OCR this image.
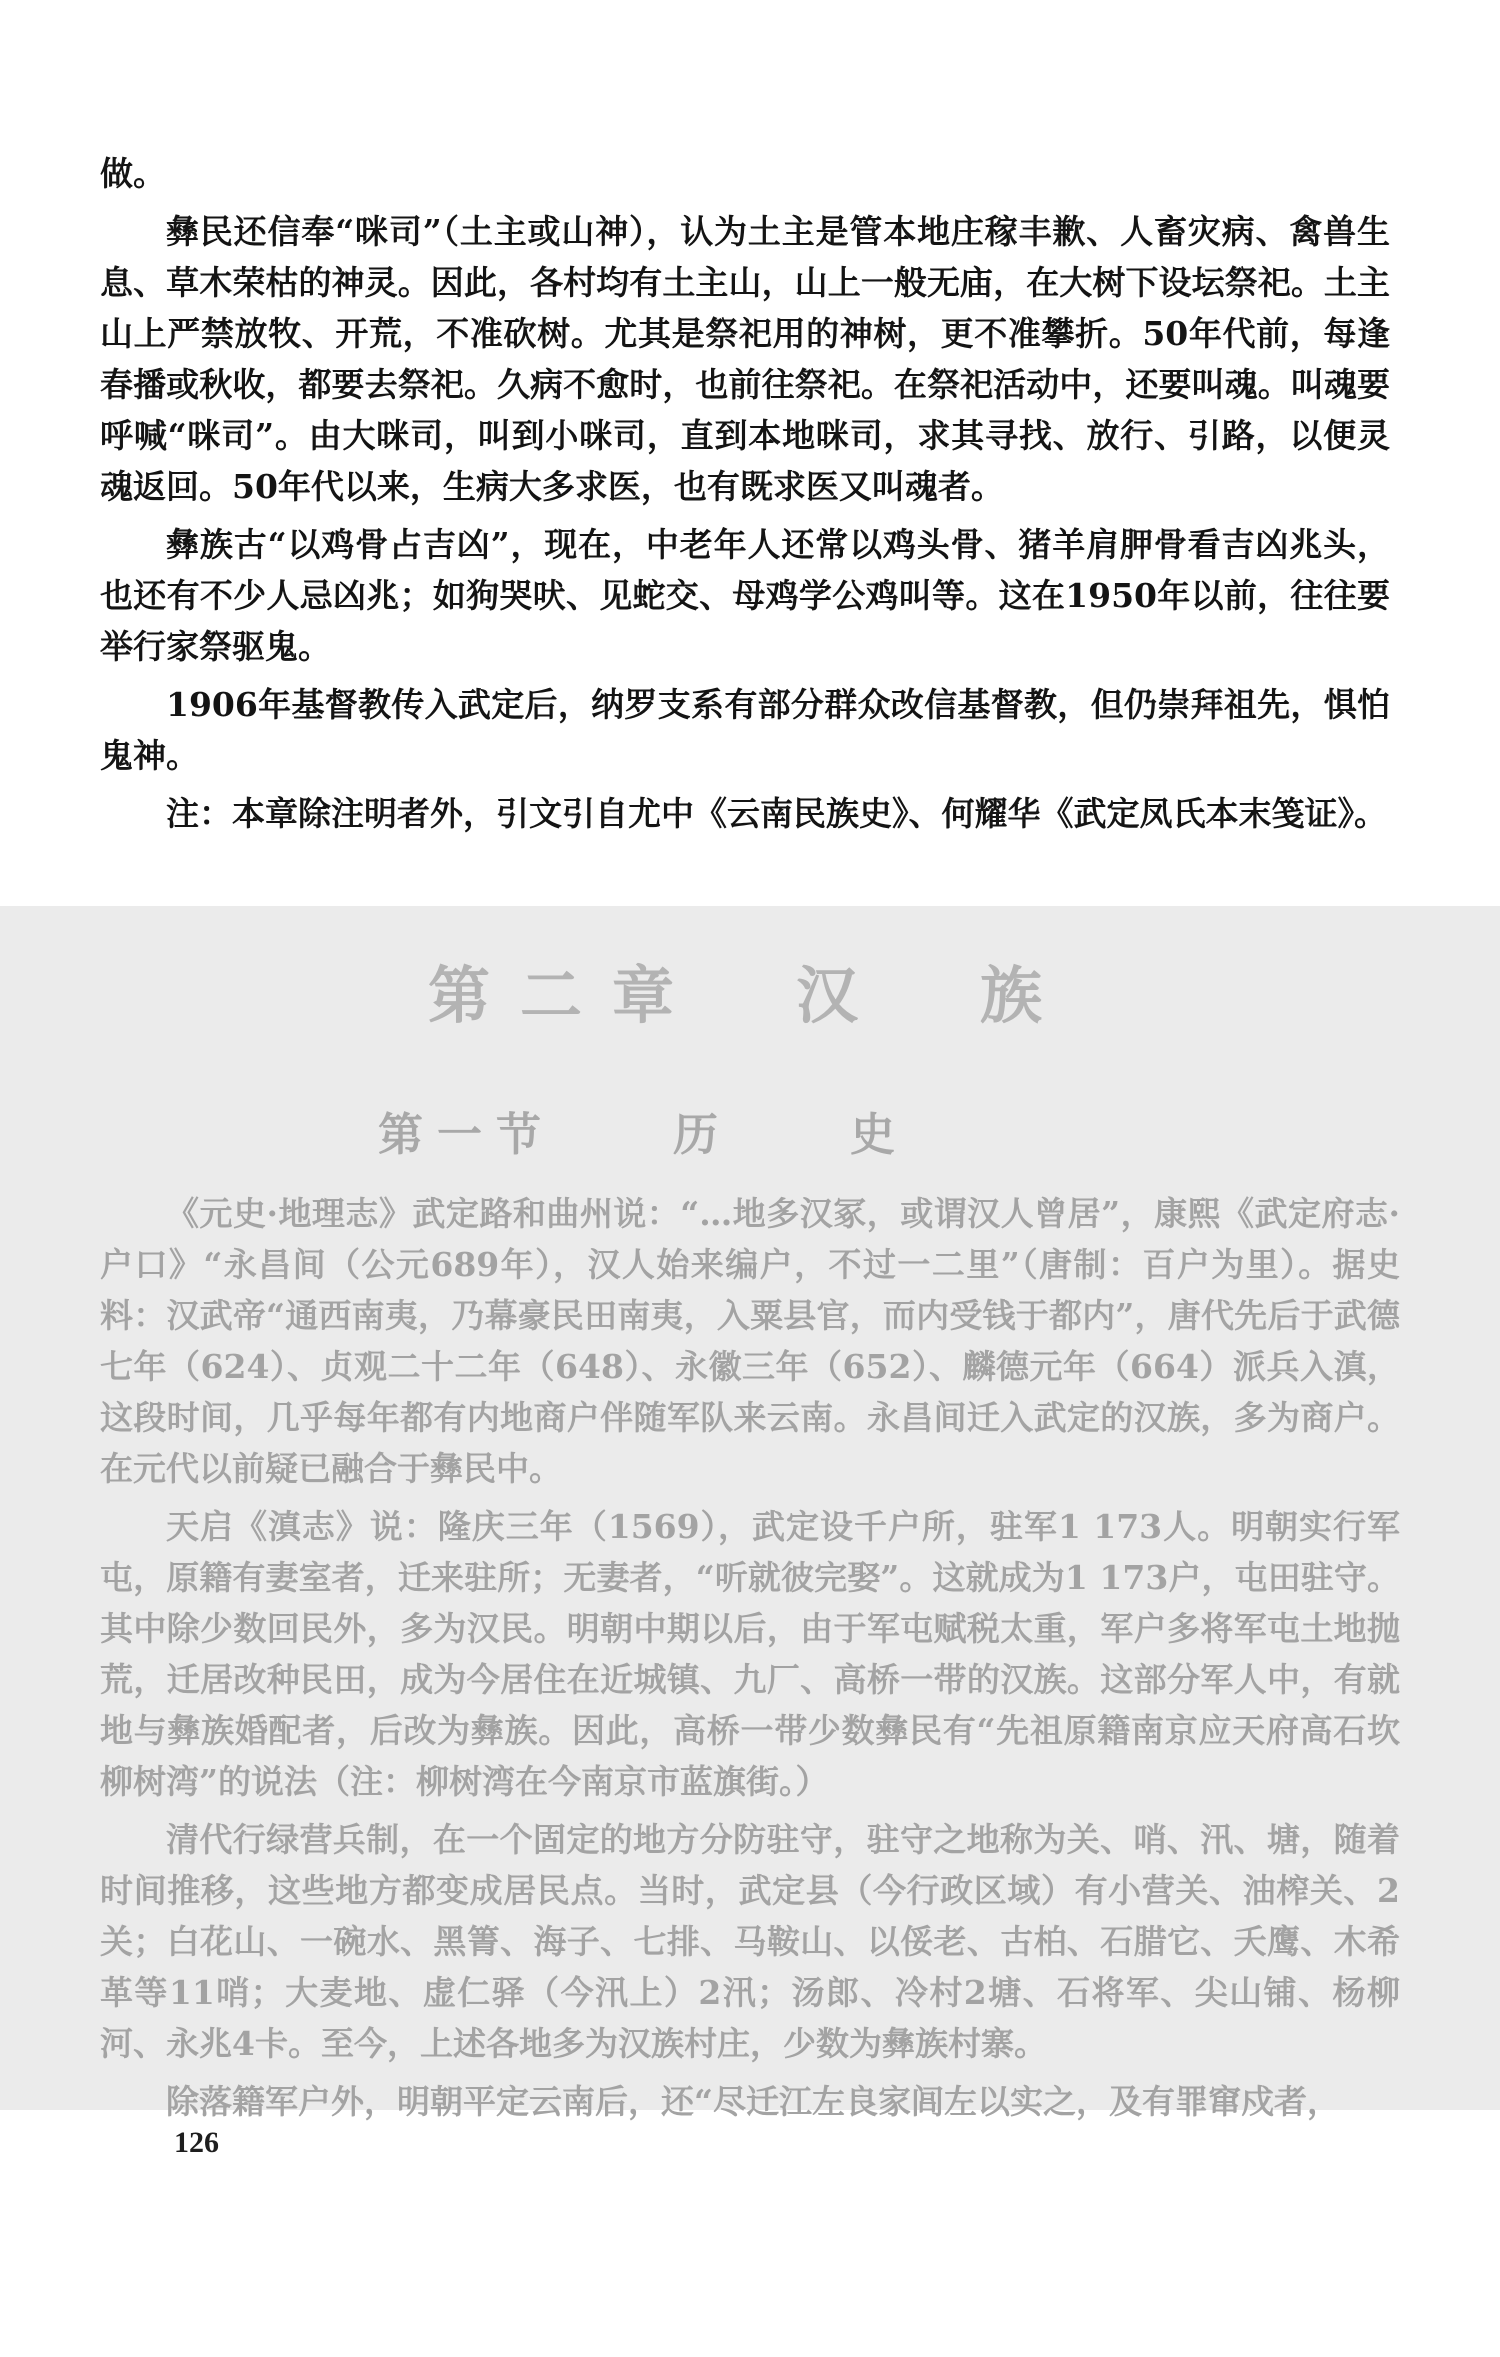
做。

彝民还信奉“咪司”（土主或山神），认为土主是管本地庄稼丰歉、人畜灾病、禽兽生息、草木荣枯的神灵。因此，各村均有土主山，山上一般无庙，在大树下设坛祭祀。土主山上严禁放牧、开荒，不准砍树。尤其是祭祀用的神树，更不准攀折。50年代前，每逢春播或秋收，都要去祭祀。久病不愈时，也前往祭祀。在祭祀活动中，还要叫魂。叫魂要呼喊“咪司”。由大咪司，叫到小咪司，直到本地咪司，求其寻找、放行、引路，以便灵魂返回。50年代以来，生病大多求医，也有既求医又叫魂者。

彝族古“以鸡骨占吉凶”，现在，中老年人还常以鸡头骨、猪羊肩胛骨看吉凶兆头，也还有不少人忌凶兆；如狗哭吠、见蛇交、母鸡学公鸡叫等。这在1950年以前，往往要举行家祭驱鬼。

1906年基督教传入武定后，纳罗支系有部分群众改信基督教，但仍崇拜祖先，惧怕鬼神。

注：本章除注明者外，引文引自尤中《云南民族史》、何耀华《武定凤氏本末笺证》。

第二章　汉　族
第一节　　历　　史

《元史·地理志》武定路和曲州说：“…地多汉冢，或谓汉人曾居”，康熙《武定府志·户口》“永昌间（公元689年），汉人始来编户，不过一二里”（唐制：百户为里）。据史料：汉武帝“通西南夷，乃幕豪民田南夷，入粟县官，而内受钱于都内”，唐代先后于武德七年（624）、贞观二十二年（648）、永徽三年（652）、麟德元年（664）派兵入滇，这段时间，几乎每年都有内地商户伴随军队来云南。永昌间迁入武定的汉族，多为商户。在元代以前疑已融合于彝民中。

天启《滇志》说：隆庆三年（1569），武定设千户所，驻军1 173人。明朝实行军屯，原籍有妻室者，迁来驻所；无妻者，“听就彼完娶”。这就成为1 173户，屯田驻守。其中除少数回民外，多为汉民。明朝中期以后，由于军屯赋税太重，军户多将军屯土地抛荒，迁居改种民田，成为今居住在近城镇、九厂、高桥一带的汉族。这部分军人中，有就地与彝族婚配者，后改为彝族。因此，高桥一带少数彝民有“先祖原籍南京应天府高石坎柳树湾”的说法（注：柳树湾在今南京市蓝旗街。）

清代行绿营兵制，在一个固定的地方分防驻守，驻守之地称为关、哨、汛、塘，随着时间推移，这些地方都变成居民点。当时，武定县（今行政区域）有小营关、油榨关、2关；白花山、一碗水、黑箐、海子、七排、马鞍山、以俀老、古柏、石腊它、夭鹰、木希革等11哨；大麦地、虚仁驿（今汛上）2汛；汤郎、冷村2塘、石将军、尖山铺、杨柳河、永兆4卡。至今，上述各地多为汉族村庄，少数为彝族村寨。

除落籍军户外，明朝平定云南后，还“尽迁江左良家闾左以实之，及有罪窜戍者，

126
